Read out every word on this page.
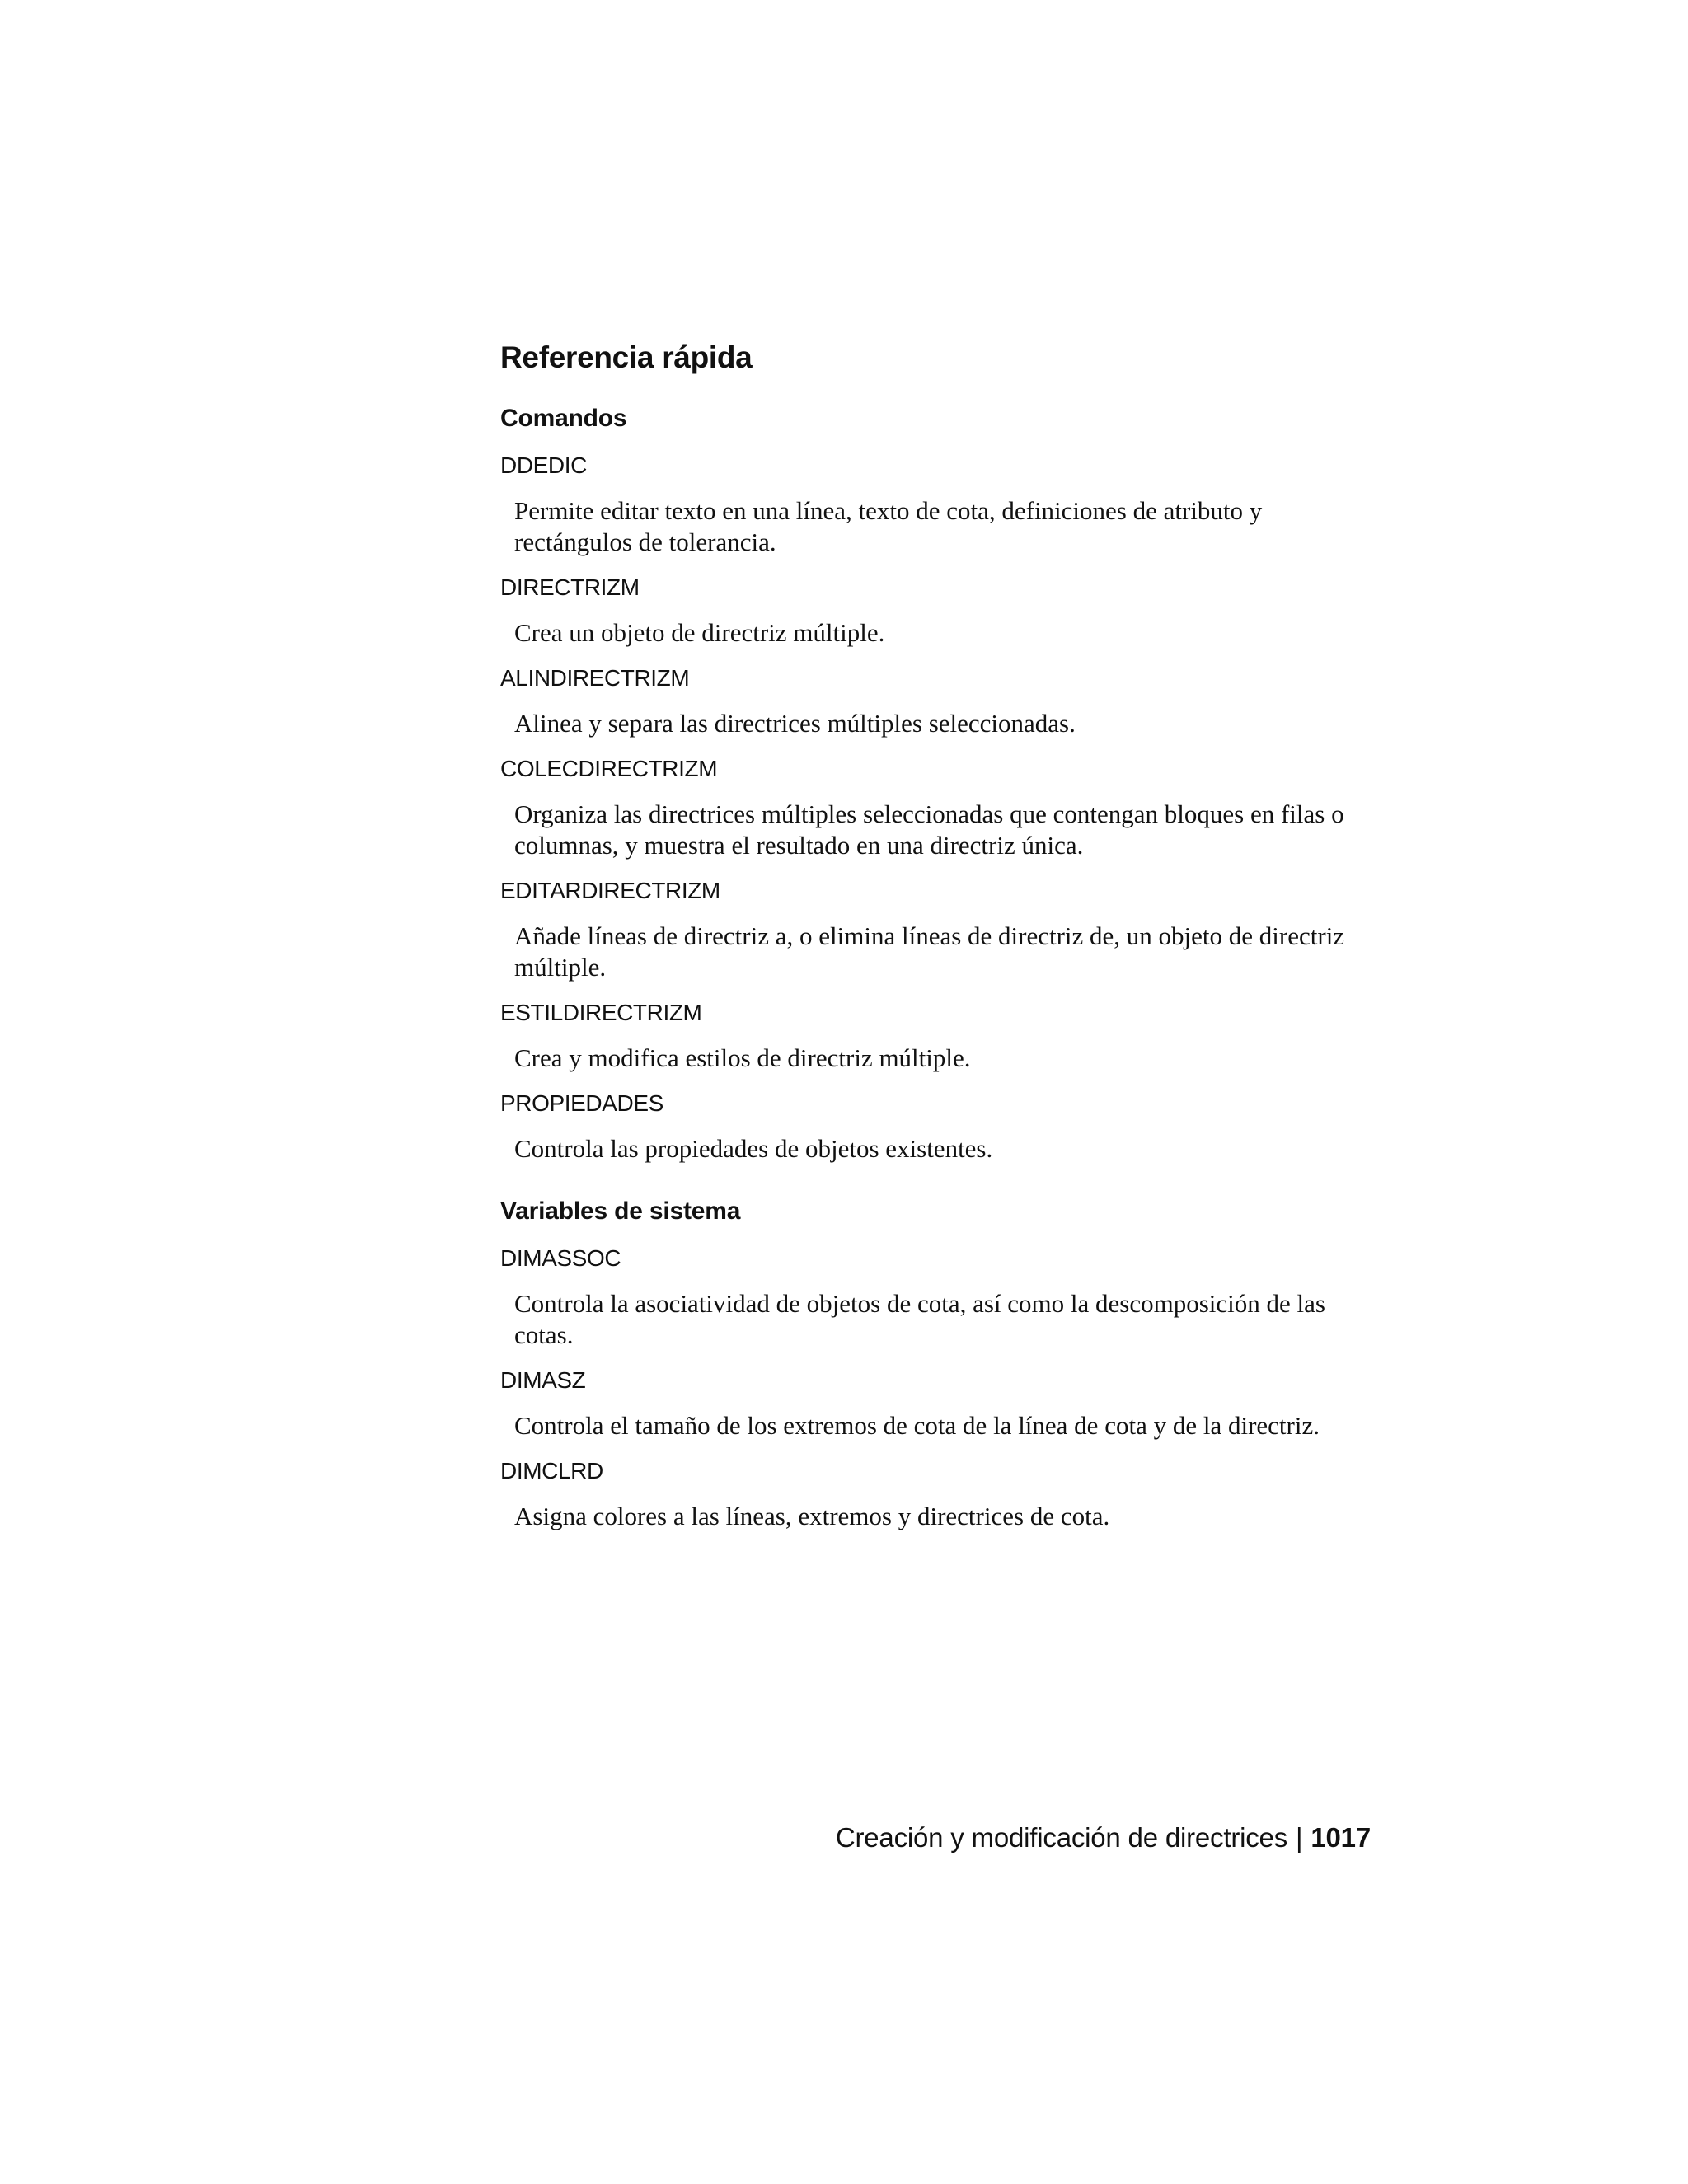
Referencia rápida
Comandos
DDEDIC

Permite editar texto en una línea, texto de cota, definiciones de atributo y rectángulos de tolerancia.

DIRECTRIZM

Crea un objeto de directriz múltiple.

ALINDIRECTRIZM

Alinea y separa las directrices múltiples seleccionadas.

COLECDIRECTRIZM

Organiza las directrices múltiples seleccionadas que contengan bloques en filas o columnas, y muestra el resultado en una directriz única.

EDITARDIRECTRIZM

Añade líneas de directriz a, o elimina líneas de directriz de, un objeto de directriz múltiple.

ESTILDIRECTRIZM

Crea y modifica estilos de directriz múltiple.

PROPIEDADES

Controla las propiedades de objetos existentes.

Variables de sistema
DIMASSOC

Controla la asociatividad de objetos de cota, así como la descomposición de las cotas.

DIMASZ

Controla el tamaño de los extremos de cota de la línea de cota y de la directriz.

DIMCLRD

Asigna colores a las líneas, extremos y directrices de cota.

Creación y modificación de directrices | 1017
